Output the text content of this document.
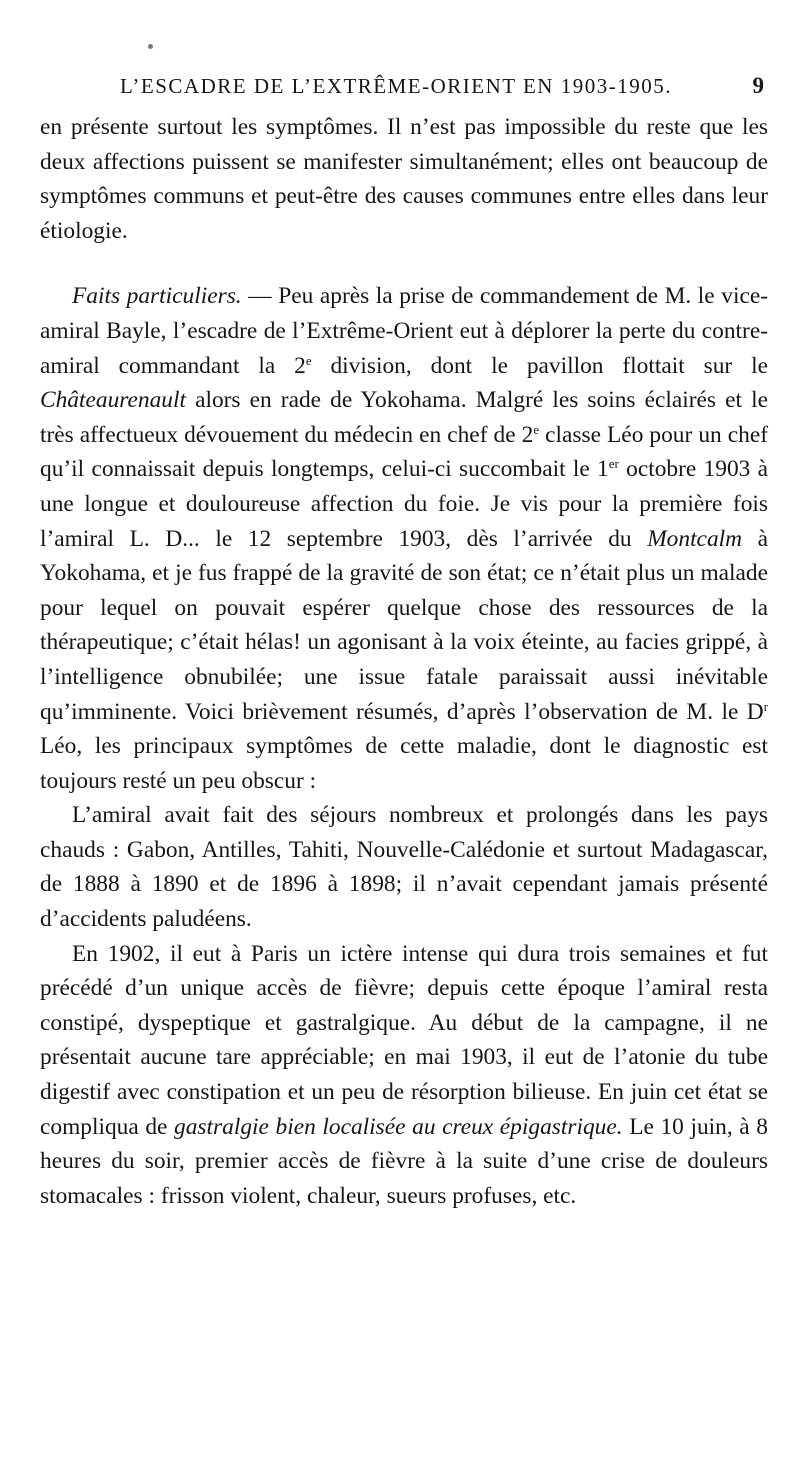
L’ESCADRE DE L’EXTRÊME-ORIENT EN 1903-1905.	9

en présente surtout les symptômes. Il n’est pas impossible du reste que les deux affections puissent se manifester simultanément; elles ont beaucoup de symptômes communs et peut-être des causes communes entre elles dans leur étiologie.

Faits particuliers. — Peu après la prise de commandement de M. le vice-amiral Bayle, l’escadre de l’Extrême-Orient eut à déplorer la perte du contre-amiral commandant la 2e division, dont le pavillon flottait sur le Châteaurenault alors en rade de Yokohama. Malgré les soins éclairés et le très affectueux dévouement du médecin en chef de 2e classe Léo pour un chef qu’il connaissait depuis longtemps, celui-ci succombait le 1er octobre 1903 à une longue et douloureuse affection du foie. Je vis pour la première fois l’amiral L. D... le 12 septembre 1903, dès l’arrivée du Montcalm à Yokohama, et je fus frappé de la gravité de son état; ce n’était plus un malade pour lequel on pouvait espérer quelque chose des ressources de la thérapeutique; c’était hélas! un agonisant à la voix éteinte, au facies grippé, à l’intelligence obnubilée; une issue fatale paraissait aussi inévitable qu’imminente. Voici brièvement résumés, d’après l’observation de M. le $D^r$ Léo, les principaux symptômes de cette maladie, dont le diagnostic est toujours resté un peu obscur :

L’amiral avait fait des séjours nombreux et prolongés dans les pays chauds : Gabon, Antilles, Tahiti, Nouvelle-Calédonie et surtout Madagascar, de 1888 à 1890 et de 1896 à 1898; il n’avait cependant jamais présenté d’accidents paludéens.

En 1902, il eut à Paris un ictère intense qui dura trois semaines et fut précédé d’un unique accès de fièvre; depuis cette époque l’amiral resta constipé, dyspeptique et gastralgique. Au début de la campagne, il ne présentait aucune tare appréciable; en mai 1903, il eut de l’atonie du tube digestif avec constipation et un peu de résorption bilieuse. En juin cet état se compliqua de gastralgie bien localisée au creux épigastrique. Le 10 juin, à 8 heures du soir, premier accès de fièvre à la suite d’une crise de douleurs stomacales : frisson violent, chaleur, sueurs profuses, etc.
